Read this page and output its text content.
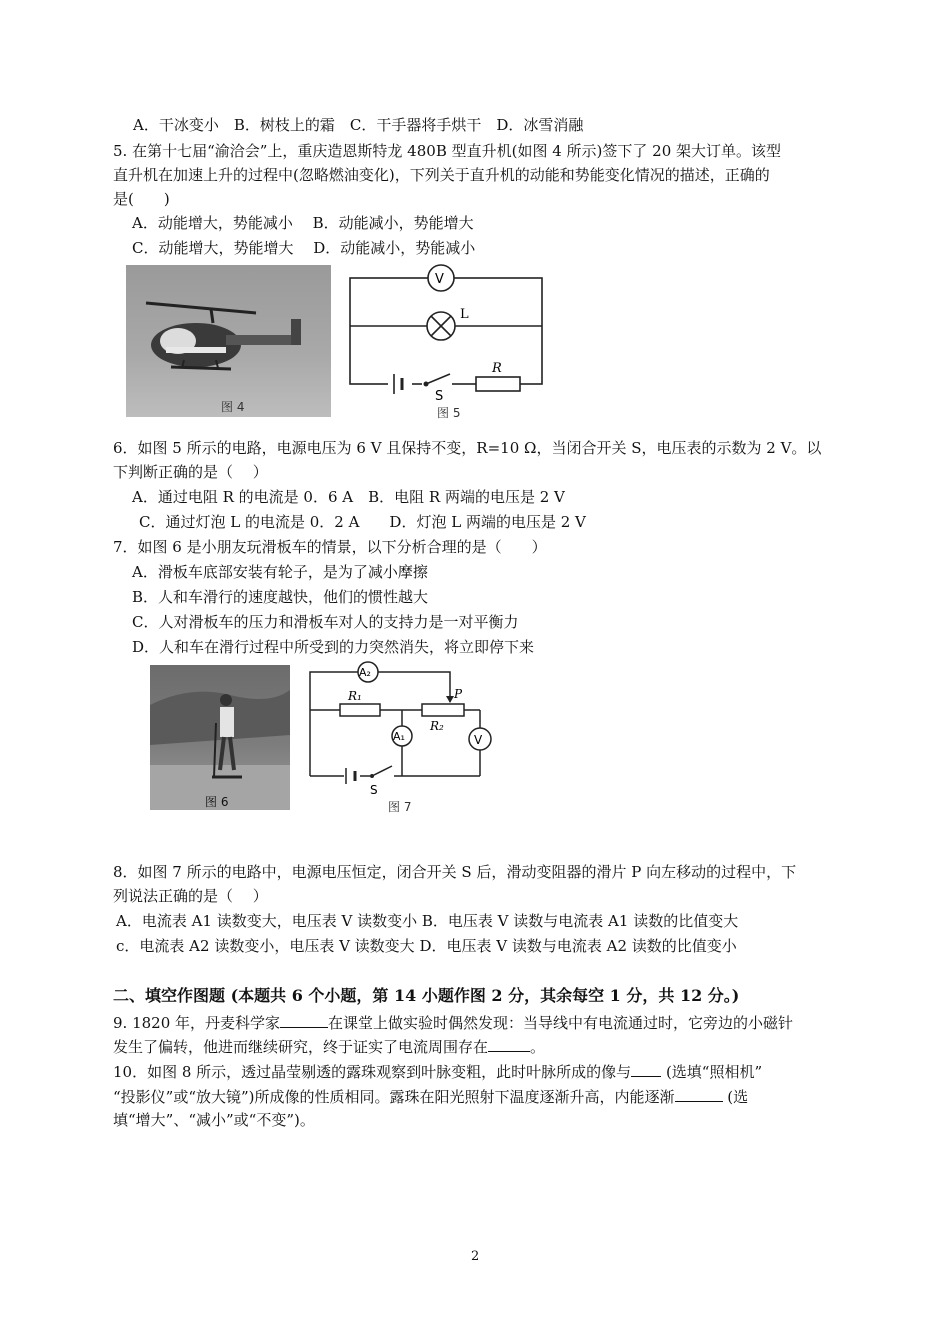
A．干冰变小　B．树枝上的霜　C．干手器将手烘干　D．冰雪消融
5. 在第十七届“渝洽会”上，重庆造恩斯特龙 480B 型直升机(如图 4 所示)签下了 20 架大订单。该型
直升机在加速上升的过程中(忽略燃油变化)，下列关于直升机的动能和势能变化情况的描述，正确的
是(　　)
A．动能增大，势能减小　 B．动能减小，势能增大
C．动能增大，势能增大　 D．动能减小，势能减小
图 4
V
L
R
S
图 5
6．如图 5 所示的电路，电源电压为 6 V 且保持不变，R=10 Ω，当闭合开关 S，电压表的示数为 2 V。以
下判断正确的是（　 ）
A．通过电阻 R 的电流是 0．6 A　B．电阻 R 两端的电压是 2 V
C．通过灯泡 L 的电流是 0．2 A　　D．灯泡 L 两端的电压是 2 V
7．如图 6 是小朋友玩滑板车的情景，以下分析合理的是（　　）
A．滑板车底部安装有轮子，是为了减小摩擦
B．人和车滑行的速度越快，他们的惯性越大
C．人对滑板车的压力和滑板车对人的支持力是一对平衡力
D．人和车在滑行过程中所受到的力突然消失，将立即停下来
图 6
A₂
A₁	V
R₁
R₂
P
S
图 7
8．如图 7 所示的电路中，电源电压恒定，闭合开关 S 后，滑动变阻器的滑片 P 向左移动的过程中，下
列说法正确的是（　 ）
A．电流表 A1 读数变大，电压表 V 读数变小 B．电压表 V 读数与电流表 A1 读数的比值变大
c．电流表 A2 读数变小，电压表 V 读数变大 D．电压表 V 读数与电流表 A2 读数的比值变小
二、填空作图题 (本题共 6 个小题，第 14 小题作图 2 分，其余每空 1 分，共 12 分。)
9. 1820 年，丹麦科学家	在课堂上做实验时偶然发现：当导线中有电流通过时，它旁边的小磁针
发生了偏转，他进而继续研究，终于证实了电流周围存在	。
10．如图 8 所示，透过晶莹剔透的露珠观察到叶脉变粗，此时叶脉所成的像与 (选填“照相机”
“投影仪”或“放大镜”)所成像的性质相同。露珠在阳光照射下温度逐渐升高，内能逐渐	(选
填“增大”、“减小”或“不变”)。
2
